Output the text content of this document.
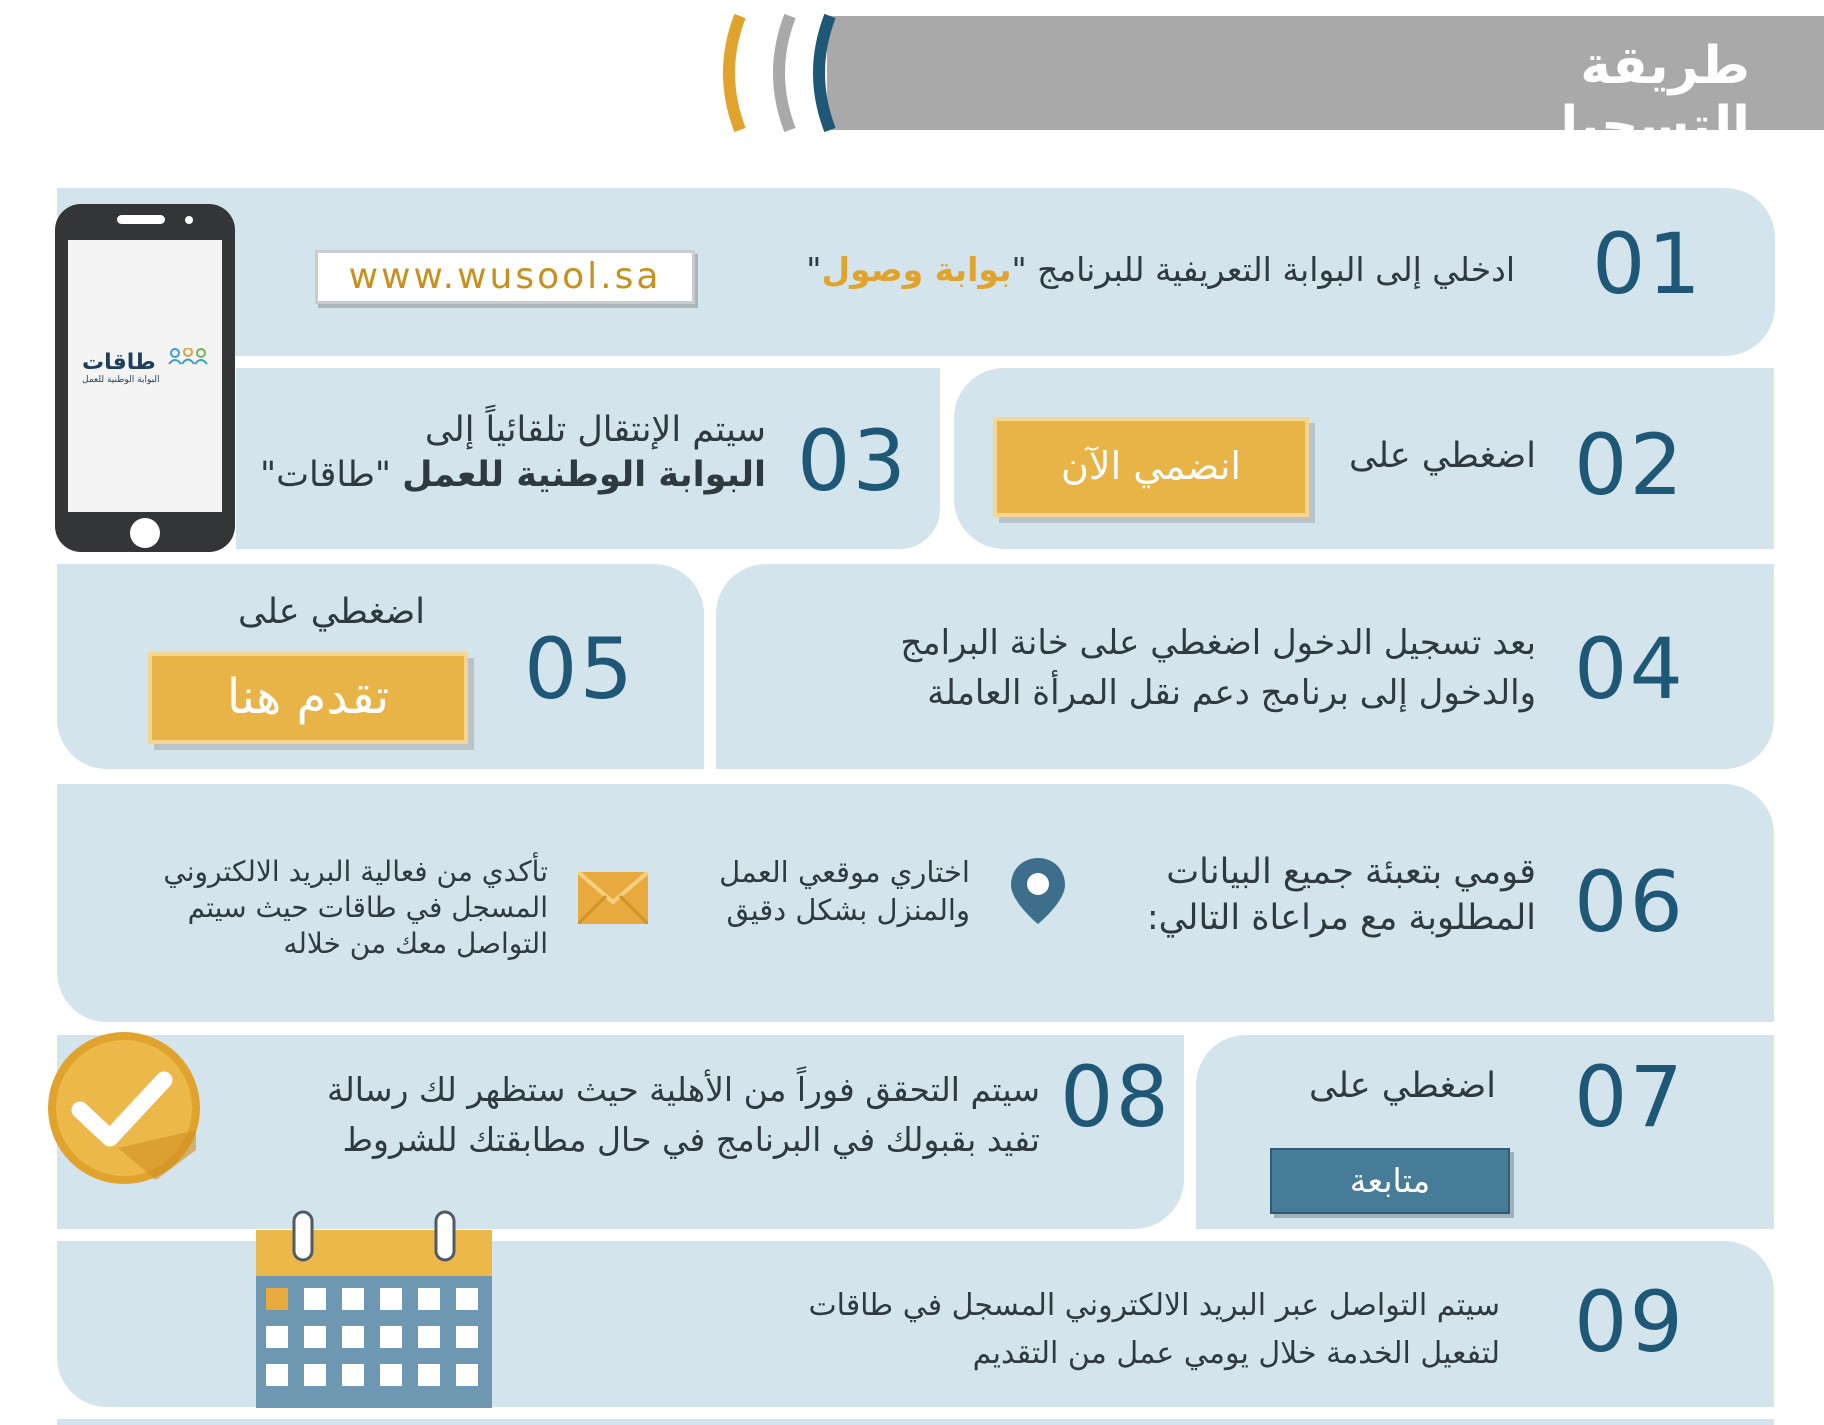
طريقة التسجيل
01
ادخلي إلى البوابة التعريفية للبرنامج "بوابة وصول"
www.wusool.sa
طاقات
البوابة الوطنية للعمل
02
اضغطي على
انضمي الآن
03
سيتم الإنتقال تلقائياً إلى
البوابة الوطنية للعمل "طاقات"
04
بعد تسجيل الدخول اضغطي على خانة البرامج
والدخول إلى برنامج دعم نقل المرأة العاملة
05
اضغطي على
تقدم هنا
06
قومي بتعبئة جميع البيانات
المطلوبة مع مراعاة التالي:
اختاري موقعي العمل
والمنزل بشكل دقيق
تأكدي من فعالية البريد الالكتروني
المسجل في طاقات حيث سيتم
التواصل معك من خلاله
07
اضغطي على
متابعة
08
سيتم التحقق فوراً من الأهلية حيث ستظهر لك رسالة
تفيد بقبولك في البرنامج في حال مطابقتك للشروط
09
سيتم التواصل عبر البريد الالكتروني المسجل في طاقات
لتفعيل الخدمة خلال يومي عمل من التقديم
